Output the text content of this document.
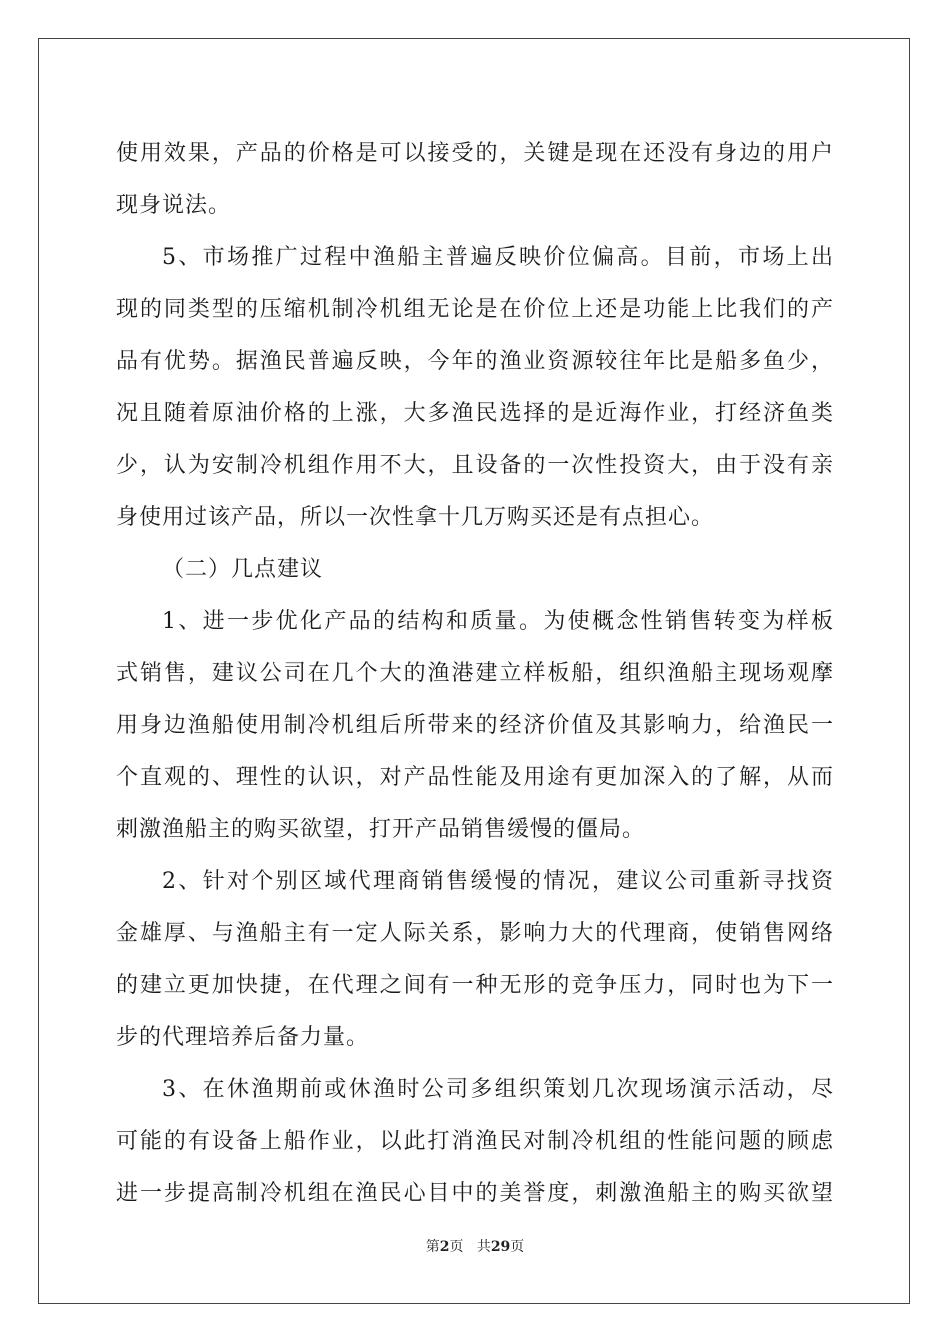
使用效果，产品的价格是可以接受的，关键是现在还没有身边的用户
现身说法。
5、市场推广过程中渔船主普遍反映价位偏高。目前，市场上出
现的同类型的压缩机制冷机组无论是在价位上还是功能上比我们的产
品有优势。据渔民普遍反映，今年的渔业资源较往年比是船多鱼少，
况且随着原油价格的上涨，大多渔民选择的是近海作业，打经济鱼类
少，认为安制冷机组作用不大，且设备的一次性投资大，由于没有亲
身使用过该产品，所以一次性拿十几万购买还是有点担心。
（二）几点建议
1、进一步优化产品的结构和质量。为使概念性销售转变为样板
式销售，建议公司在几个大的渔港建立样板船，组织渔船主现场观摩
用身边渔船使用制冷机组后所带来的经济价值及其影响力，给渔民一
个直观的、理性的认识，对产品性能及用途有更加深入的了解，从而
刺激渔船主的购买欲望，打开产品销售缓慢的僵局。
2、针对个别区域代理商销售缓慢的情况，建议公司重新寻找资
金雄厚、与渔船主有一定人际关系，影响力大的代理商，使销售网络
的建立更加快捷，在代理之间有一种无形的竞争压力，同时也为下一
步的代理培养后备力量。
3、在休渔期前或休渔时公司多组织策划几次现场演示活动，尽
可能的有设备上船作业，以此打消渔民对制冷机组的性能问题的顾虑
进一步提高制冷机组在渔民心目中的美誉度，刺激渔船主的购买欲望
第2页 共29页
